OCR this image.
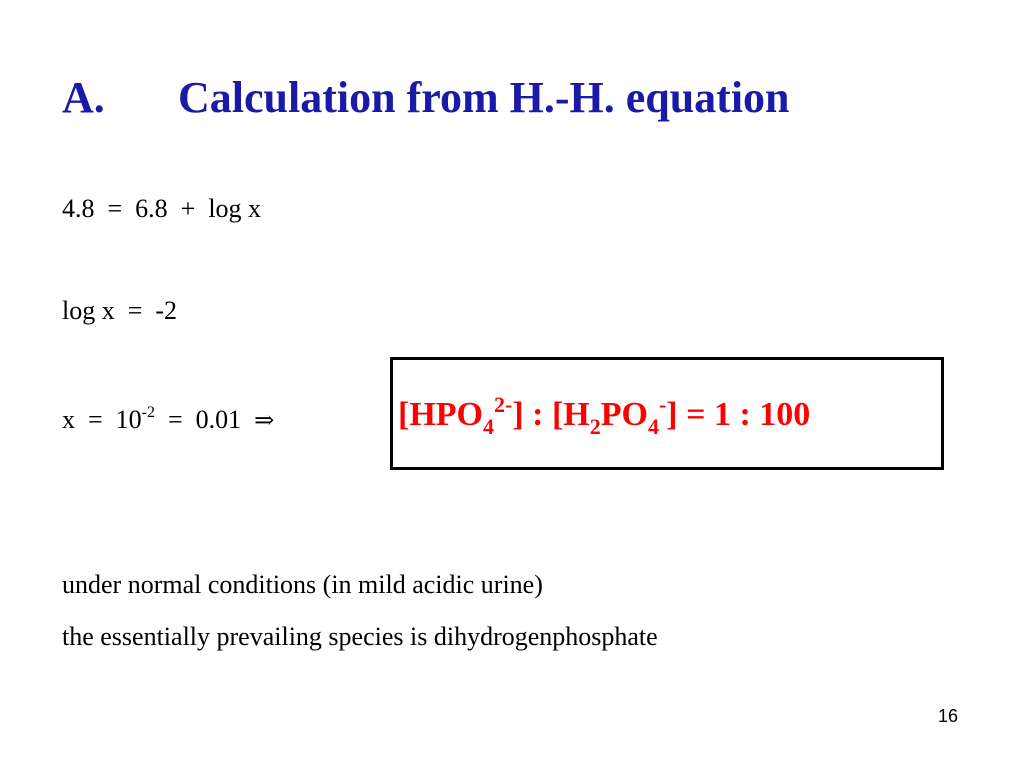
A. Calculation from H.-H. equation
4.8  =  6.8  +  log x
log x  =  -2
$x = 10^{-2} = 0.01$  ⇒	$[HPO_4^{2-}]$ : $[H_2PO_4^-] = 1$ : 100
under normal conditions (in mild acidic urine)
the essentially prevailing species is dihydrogenphosphate
16
